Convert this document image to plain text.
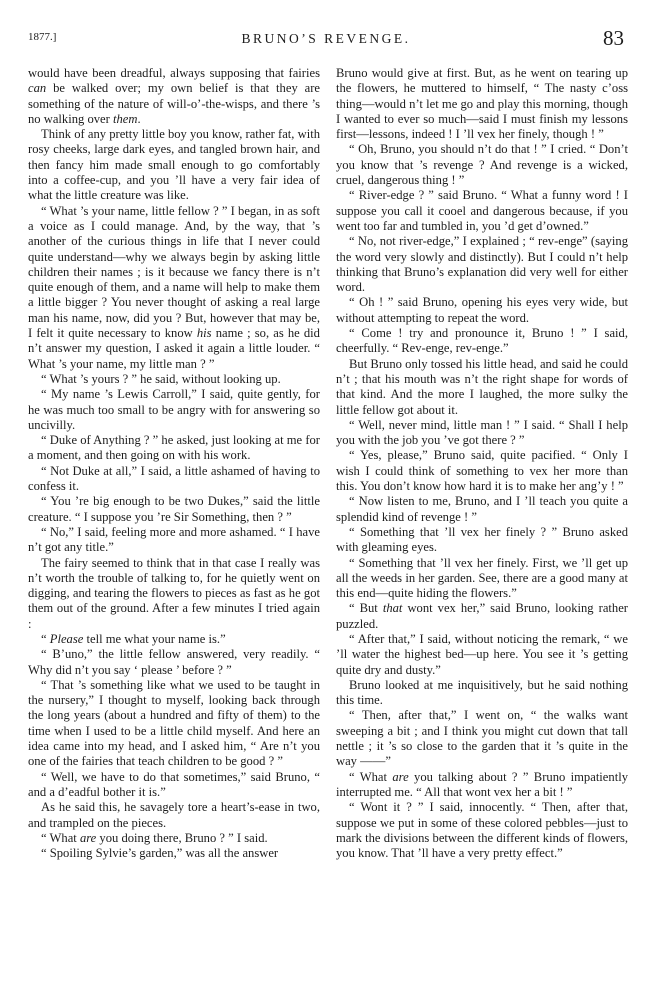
1877.]	BRUNO’S REVENGE.	83

would have been dreadful, always supposing that fairies can be walked over; my own belief is that they are something of the nature of will-o’-the-wisps, and there ’s no walking over them.

Think of any pretty little boy you know, rather fat, with rosy cheeks, large dark eyes, and tangled brown hair, and then fancy him made small enough to go comfortably into a coffee-cup, and you ’ll have a very fair idea of what the little creature was like.

“ What ’s your name, little fellow ? ” I began, in as soft a voice as I could manage. And, by the way, that ’s another of the curious things in life that I never could quite understand—why we always begin by asking little children their names ; is it because we fancy there is n’t quite enough of them, and a name will help to make them a little bigger ? You never thought of asking a real large man his name, now, did you ? But, however that may be, I felt it quite necessary to know his name ; so, as he did n’t answer my question, I asked it again a little louder. “ What ’s your name, my little man ? ”

“ What ’s yours ? ” he said, without looking up.

“ My name ’s Lewis Carroll,” I said, quite gently, for he was much too small to be angry with for answering so uncivilly.

“ Duke of Anything ? ” he asked, just looking at me for a moment, and then going on with his work.

“ Not Duke at all,” I said, a little ashamed of having to confess it.

“ You ’re big enough to be two Dukes,” said the little creature. “ I suppose you ’re Sir Something, then ? ”

“ No,” I said, feeling more and more ashamed. “ I have n’t got any title.”

The fairy seemed to think that in that case I really was n’t worth the trouble of talking to, for he quietly went on digging, and tearing the flowers to pieces as fast as he got them out of the ground. After a few minutes I tried again :

“ Please tell me what your name is.”

“ B’uno,” the little fellow answered, very readily. “ Why did n’t you say ‘ please ’ before ? ”

“ That ’s something like what we used to be taught in the nursery,” I thought to myself, looking back through the long years (about a hundred and fifty of them) to the time when I used to be a little child myself. And here an idea came into my head, and I asked him, “ Are n’t you one of the fairies that teach children to be good ? ”

“ Well, we have to do that sometimes,” said Bruno, “ and a d’eadful bother it is.”

As he said this, he savagely tore a heart’s-ease in two, and trampled on the pieces.

“ What are you doing there, Bruno ? ” I said.

“ Spoiling Sylvie’s garden,” was all the answer

Bruno would give at first. But, as he went on tearing up the flowers, he muttered to himself, “ The nasty c’oss thing—would n’t let me go and play this morning, though I wanted to ever so much—said I must finish my lessons first—lessons, indeed ! I ’ll vex her finely, though ! ”

“ Oh, Bruno, you should n’t do that ! ” I cried. “ Don’t you know that ’s revenge ? And revenge is a wicked, cruel, dangerous thing ! ”

“ River-edge ? ” said Bruno. “ What a funny word ! I suppose you call it cooel and dangerous because, if you went too far and tumbled in, you ’d get d’owned.”

“ No, not river-edge,” I explained ; “ rev-enge” (saying the word very slowly and distinctly). But I could n’t help thinking that Bruno’s explanation did very well for either word.

“ Oh ! ” said Bruno, opening his eyes very wide, but without attempting to repeat the word.

“ Come ! try and pronounce it, Bruno ! ” I said, cheerfully. “ Rev-enge, rev-enge.”

But Bruno only tossed his little head, and said he could n’t ; that his mouth was n’t the right shape for words of that kind. And the more I laughed, the more sulky the little fellow got about it.

“ Well, never mind, little man ! ” I said. “ Shall I help you with the job you ’ve got there ? ”

“ Yes, please,” Bruno said, quite pacified. “ Only I wish I could think of something to vex her more than this. You don’t know how hard it is to make her ang’y ! ”

“ Now listen to me, Bruno, and I ’ll teach you quite a splendid kind of revenge ! ”

“ Something that ’ll vex her finely ? ” Bruno asked with gleaming eyes.

“ Something that ’ll vex her finely. First, we ’ll get up all the weeds in her garden. See, there are a good many at this end—quite hiding the flowers.”

“ But that wont vex her,” said Bruno, looking rather puzzled.

“ After that,” I said, without noticing the remark, “ we ’ll water the highest bed—up here. You see it ’s getting quite dry and dusty.”

Bruno looked at me inquisitively, but he said nothing this time.

“ Then, after that,” I went on, “ the walks want sweeping a bit ; and I think you might cut down that tall nettle ; it ’s so close to the garden that it ’s quite in the way ——”

“ What are you talking about ? ” Bruno impatiently interrupted me. “ All that wont vex her a bit ! ”

“ Wont it ? ” I said, innocently. “ Then, after that, suppose we put in some of these colored pebbles—just to mark the divisions between the different kinds of flowers, you know. That ’ll have a very pretty effect.”
